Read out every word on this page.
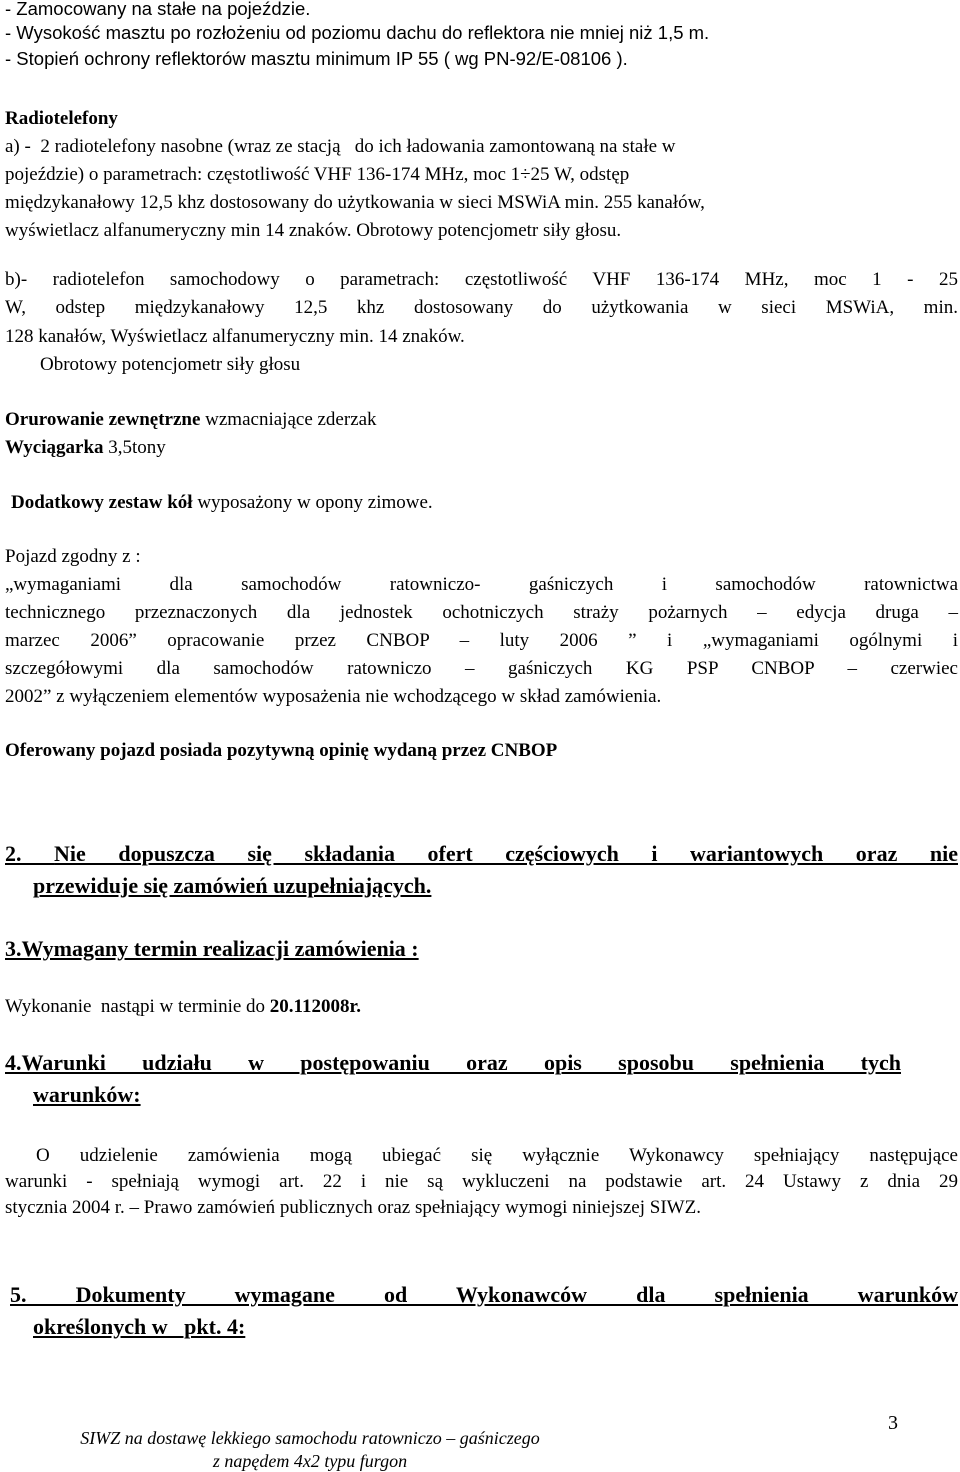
- Zamocowany na stałe na pojeździe.

- Wysokość masztu po rozłożeniu od poziomu dachu do reflektora nie mniej niż 1,5 m.

- Stopień ochrony reflektorów masztu minimum IP 55 ( wg PN-92/E-08106 ).

Radiotelefony

a) -  2 radiotelefony nasobne (wraz ze stacją   do ich ładowania zamontowaną na stałe w

pojeździe) o parametrach: częstotliwość VHF 136-174 MHz, moc 1÷25 W, odstęp

międzykanałowy 12,5 khz dostosowany do użytkowania w sieci MSWiA min. 255 kanałów,

wyświetlacz alfanumeryczny min 14 znaków. Obrotowy potencjometr siły głosu.

b)- radiotelefon samochodowy o parametrach: częstotliwość VHF 136-174 MHz, moc 1 - 25

W, odstep międzykanałowy 12,5 khz dostosowany do użytkowania w sieci MSWiA, min.

128 kanałów, Wyświetlacz alfanumeryczny min. 14 znaków.

Obrotowy potencjometr siły głosu

Orurowanie zewnętrzne wzmacniające zderzak

Wyciągarka 3,5tony

Dodatkowy zestaw kół wyposażony w opony zimowe.

Pojazd zgodny z :

„wymaganiami dla samochodów ratowniczo- gaśniczych i samochodów ratownictwa

technicznego przeznaczonych dla jednostek ochotniczych straży pożarnych – edycja druga –

marzec 2006” opracowanie przez CNBOP – luty 2006 ” i „wymaganiami ogólnymi i

szczegółowymi dla samochodów ratowniczo – gaśniczych KG PSP CNBOP – czerwiec

2002” z wyłączeniem elementów wyposażenia nie wchodzącego w skład zamówienia.

Oferowany pojazd posiada pozytywną opinię wydaną przez CNBOP

2. Nie dopuszcza się składania ofert częściowych i wariantowych oraz nie

przewiduje się zamówień uzupełniających.

3.Wymagany termin realizacji zamówienia :

Wykonanie  nastąpi w terminie do 20.112008r.

4.Warunki udziału w postępowaniu oraz opis sposobu spełnienia tych

warunków:

O udzielenie zamówienia mogą ubiegać się wyłącznie Wykonawcy spełniający następujące

warunki - spełniają wymogi art. 22 i nie są wykluczeni na podstawie art. 24 Ustawy z dnia 29

stycznia 2004 r. – Prawo zamówień publicznych oraz spełniający wymogi niniejszej SIWZ.

5. Dokumenty wymagane od Wykonawców dla spełnienia warunków

określonych w   pkt. 4:

SIWZ na dostawę lekkiego samochodu ratowniczo – gaśniczego

z napędem 4x2 typu furgon

3
